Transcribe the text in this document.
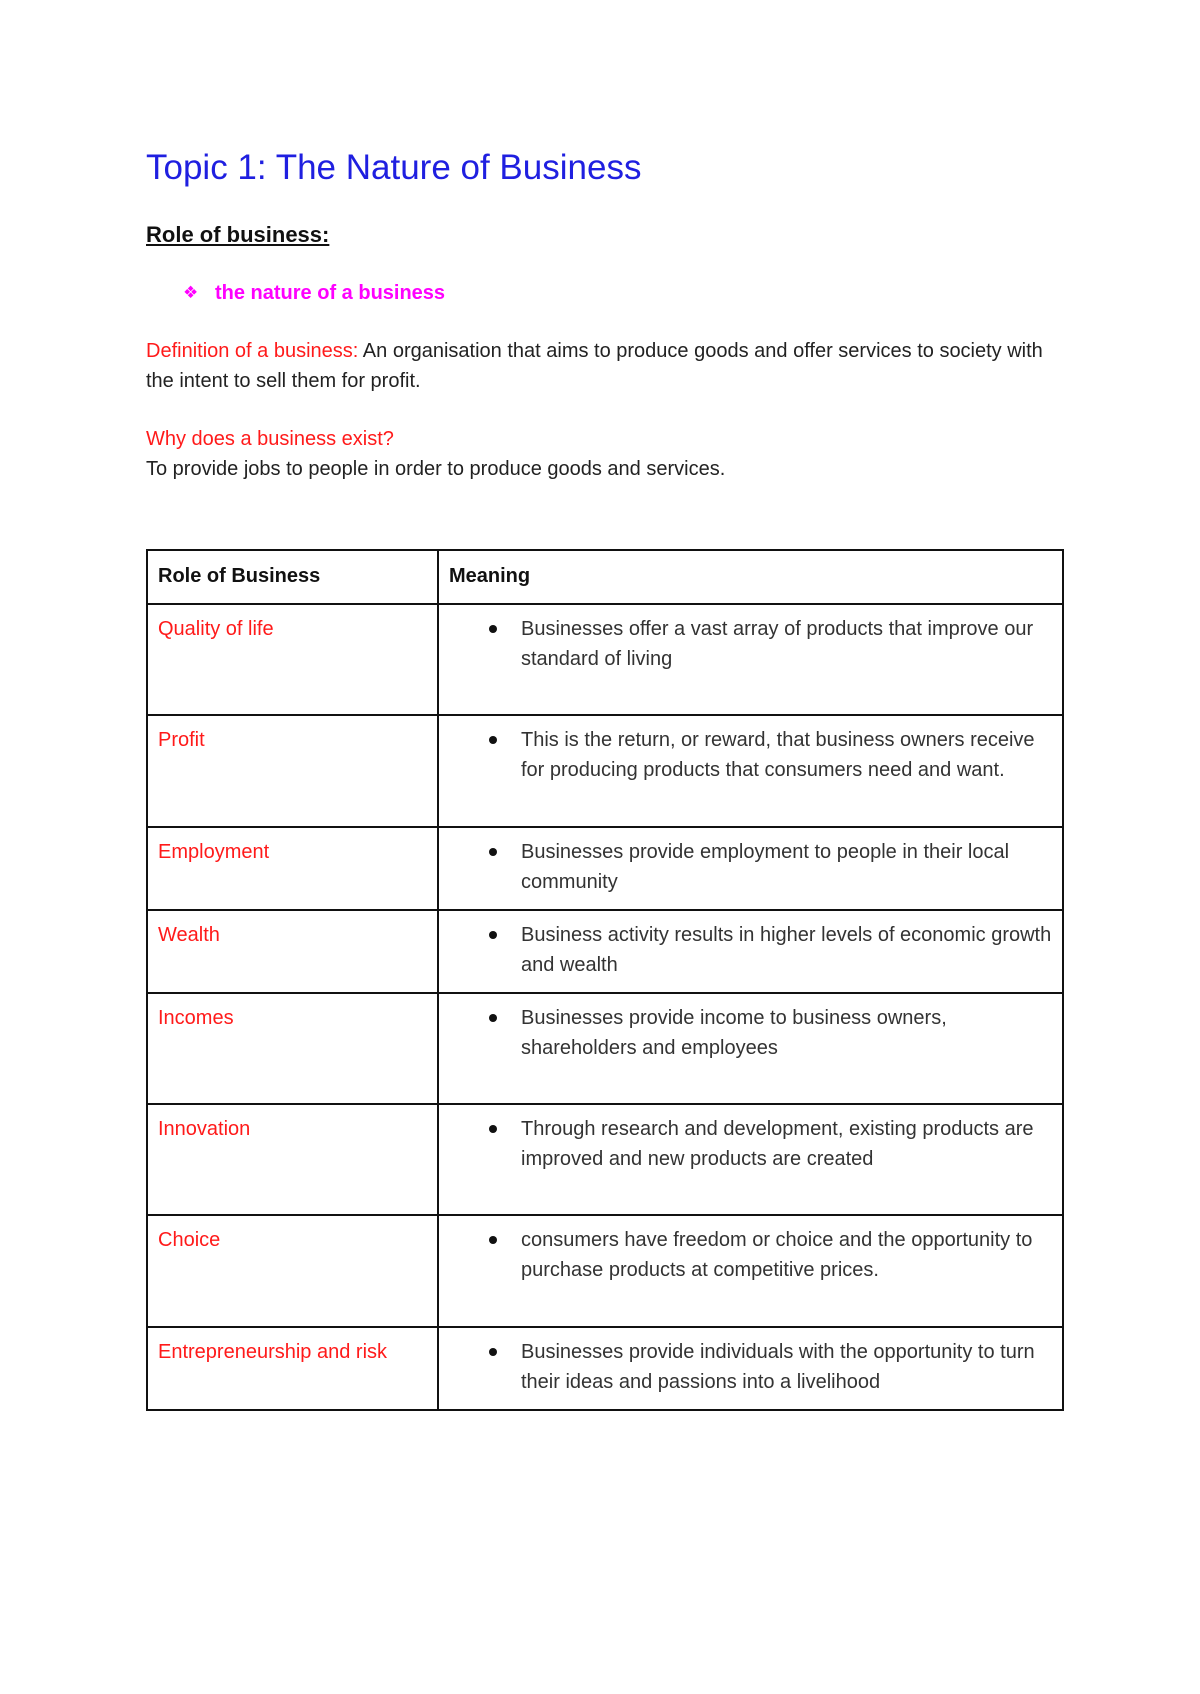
Topic 1: The Nature of Business
Role of business:
❖ the nature of a business

Definition of a business: An organisation that aims to produce goods and offer services to society with the intent to sell them for profit.

Why does a business exist?
To provide jobs to people in order to produce goods and services.

Role of Business	Meaning
Quality of life	Businesses offer a vast array of products that improve our standard of living

Profit	This is the return, or reward, that business owners receive for producing products that consumers need and want.

Employment	Businesses provide employment to people in their local community

Wealth	Business activity results in higher levels of economic growth and wealth

Incomes	Businesses provide income to business owners, shareholders and employees

Innovation	Through research and development, existing products are improved and new products are created

Choice	consumers have freedom or choice and the opportunity to purchase products at competitive prices.

Entrepreneurship and risk	Businesses provide individuals with the opportunity to turn their ideas and passions into a livelihood
